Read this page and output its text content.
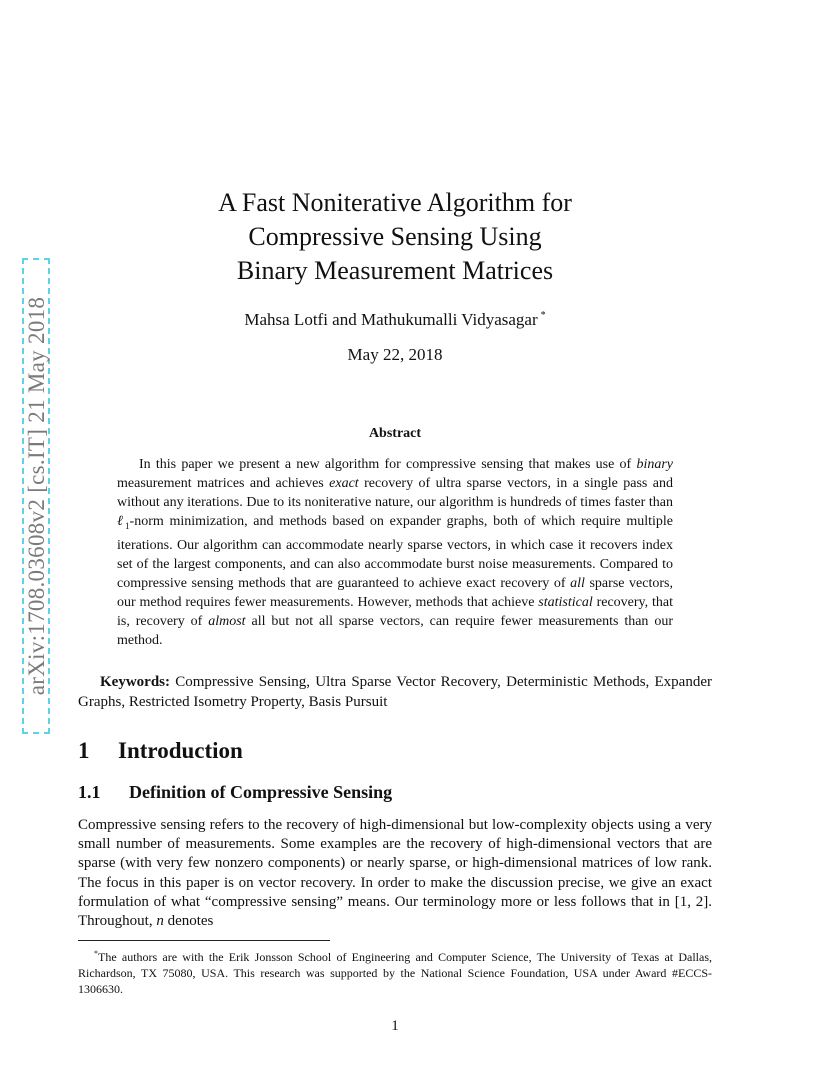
arXiv:1708.03608v2 [cs.IT] 21 May 2018
A Fast Noniterative Algorithm for
Compressive Sensing Using
Binary Measurement Matrices
Mahsa Lotfi and Mathukumalli Vidyasagar *
May 22, 2018
Abstract

In this paper we present a new algorithm for compressive sensing that makes use of binary measurement matrices and achieves exact recovery of ultra sparse vectors, in a single pass and without any iterations. Due to its noniterative nature, our algorithm is hundreds of times faster than ℓ$_1$-norm minimization, and methods based on expander graphs, both of which require multiple iterations. Our algorithm can accommodate nearly sparse vectors, in which case it recovers index set of the largest components, and can also accommodate burst noise measurements. Compared to compressive sensing methods that are guaranteed to achieve exact recovery of all sparse vectors, our method requires fewer measurements. However, methods that achieve statistical recovery, that is, recovery of almost all but not all sparse vectors, can require fewer measurements than our method.

Keywords: Compressive Sensing, Ultra Sparse Vector Recovery, Deterministic Methods, Expander Graphs, Restricted Isometry Property, Basis Pursuit
1 Introduction
1.1 Definition of Compressive Sensing

Compressive sensing refers to the recovery of high-dimensional but low-complexity objects using a very small number of measurements. Some examples are the recovery of high-dimensional vectors that are sparse (with very few nonzero components) or nearly sparse, or high-dimensional matrices of low rank. The focus in this paper is on vector recovery. In order to make the discussion precise, we give an exact formulation of what “compressive sensing” means. Our terminology more or less follows that in [1, 2]. Throughout, n denotes

*The authors are with the Erik Jonsson School of Engineering and Computer Science, The University of Texas at Dallas, Richardson, TX 75080, USA. This research was supported by the National Science Foundation, USA under Award #ECCS-1306630.

1
